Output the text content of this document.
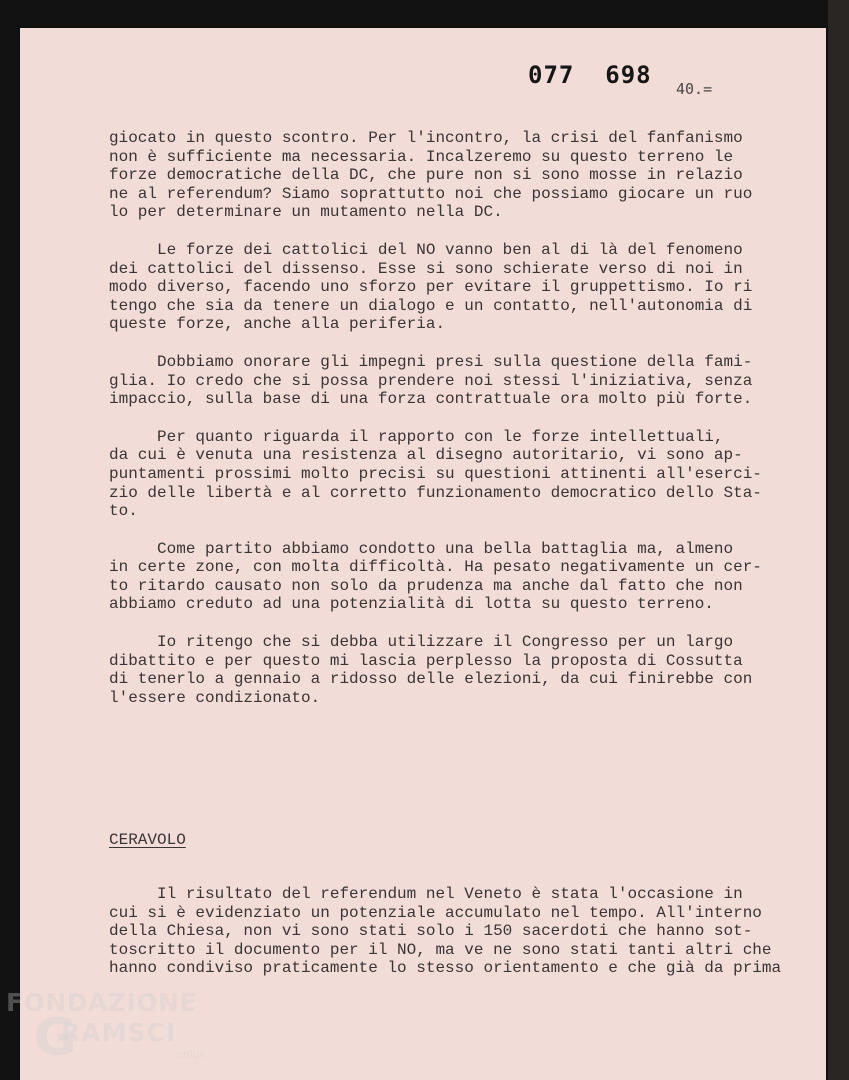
077  698 40.=
giocato in questo scontro. Per l'incontro, la crisi del fanfanismo
non è sufficiente ma necessaria. Incalzeremo su questo terreno le
forze democratiche della DC, che pure non si sono mosse in relazio
ne al referendum? Siamo soprattutto noi che possiamo giocare un ruo
lo per determinare un mutamento nella DC.
Le forze dei cattolici del NO vanno ben al di là del fenomeno
dei cattolici del dissenso. Esse si sono schierate verso di noi in
modo diverso, facendo uno sforzo per evitare il gruppettismo. Io ri
tengo che sia da tenere un dialogo e un contatto, nell'autonomia di
queste forze, anche alla periferia.
Dobbiamo onorare gli impegni presi sulla questione della fami-
glia. Io credo che si possa prendere noi stessi l'iniziativa, senza
impaccio, sulla base di una forza contrattuale ora molto più forte.
Per quanto riguarda il rapporto con le forze intellettuali,
da cui è venuta una resistenza al disegno autoritario, vi sono ap-
puntamenti prossimi molto precisi su questioni attinenti all'eserci-
zio delle libertà e al corretto funzionamento democratico dello Sta-
to.
Come partito abbiamo condotto una bella battaglia ma, almeno
in certe zone, con molta difficoltà. Ha pesato negativamente un cer-
to ritardo causato non solo da prudenza ma anche dal fatto che non
abbiamo creduto ad una potenzialità di lotta su questo terreno.
Io ritengo che si debba utilizzare il Congresso per un largo
dibattito e per questo mi lascia perplesso la proposta di Cossutta
di tenerlo a gennaio a ridosso delle elezioni, da cui finirebbe con
l'essere condizionato.
CERAVOLO
Il risultato del referendum nel Veneto è stata l'occasione in
cui si è evidenziato un potenziale accumulato nel tempo. All'interno
della Chiesa, non vi sono stati solo i 150 sacerdoti che hanno sot-
toscritto il documento per il NO, ma ve ne sono stati tanti altri che
hanno condiviso praticamente lo stesso orientamento e che già da prima
FONDAZIONE
G
RAMSCI
onlus
